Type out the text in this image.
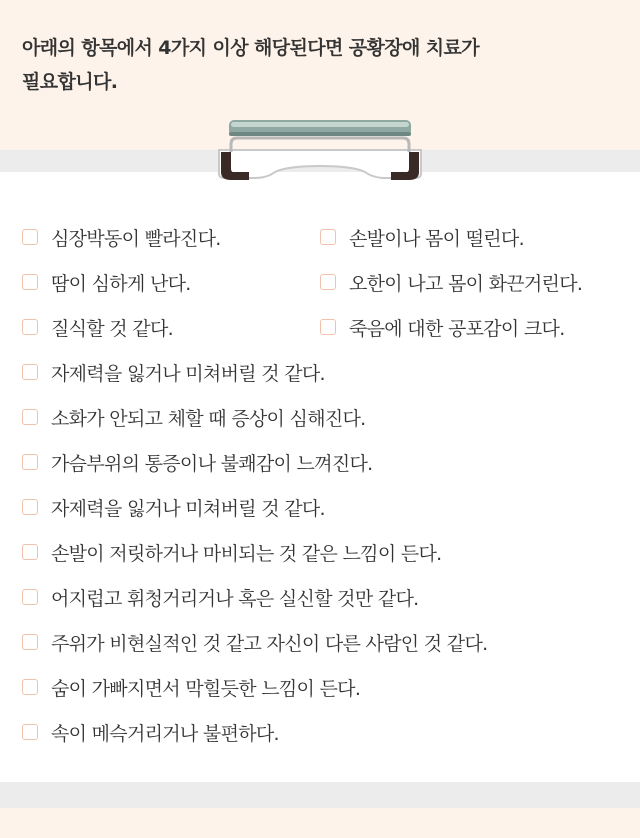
아래의 항목에서 4가지 이상 해당된다면 공황장애 치료가
필요합니다.
심장박동이 빨라진다.
땀이 심하게 난다.
질식할 것 같다.
손발이나 몸이 떨린다.
오한이 나고 몸이 화끈거린다.
죽음에 대한 공포감이 크다.
자제력을 잃거나 미쳐버릴 것 같다.
소화가 안되고 체할 때 증상이 심해진다.
가슴부위의 통증이나 불쾌감이 느껴진다.
자제력을 잃거나 미쳐버릴 것 같다.
손발이 저릿하거나 마비되는 것 같은 느낌이 든다.
어지럽고 휘청거리거나 혹은 실신할 것만 같다.
주위가 비현실적인 것 같고 자신이 다른 사람인 것 같다.
숨이 가빠지면서 막힐듯한 느낌이 든다.
속이 메슥거리거나 불편하다.
